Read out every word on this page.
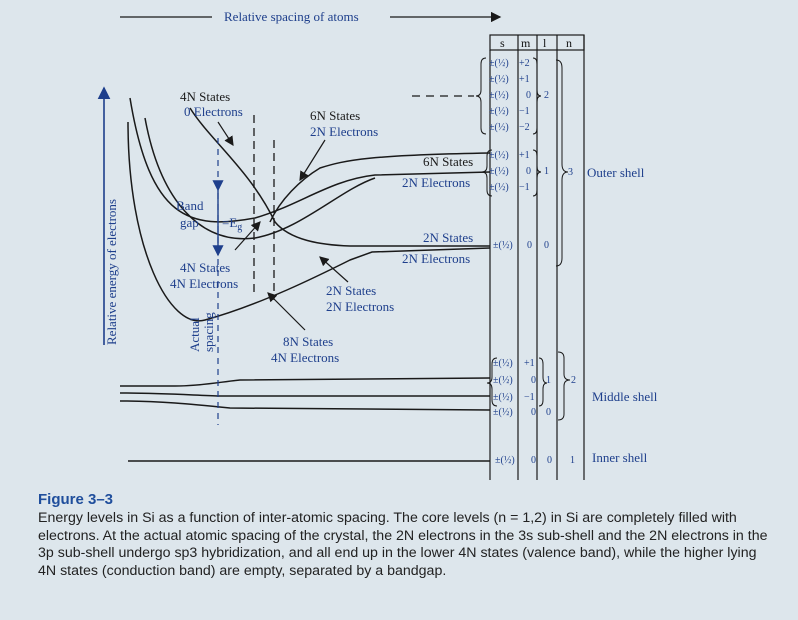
Relative spacing of atoms
Relative energy of electrons
s m l n
±(½)
±(½)
±(½)
±(½)
±(½)
+2
+1
0
−1
−2
2
±(½)
±(½)
±(½)
+1
0
−1
1
±(½) 0 0
3 Outer shell
±(½)
±(½)
±(½)
+1
0
−1
1
±(½) 0 0
2
Middle shell
±(½) 0 0 1 Inner shell
4N States
0 Electrons	6N States
2N Electrons
6N States
2N Electrons
2N States
2N Electrons
Band
gap $=E_g$
4N States
4N Electrons	2N States
2N Electrons
8N States
4N Electrons
Actual spacing
Figure 3–3
Energy levels in Si as a function of inter-atomic spacing. The core levels (n = 1,2) in Si are completely filled with electrons. At the actual atomic spacing of the crystal, the 2N electrons in the 3s sub-shell and the 2N electrons in the 3p sub-shell undergo sp3 hybridization, and all end up in the lower 4N states (valence band), while the higher lying 4N states (conduction band) are empty, separated by a bandgap.
